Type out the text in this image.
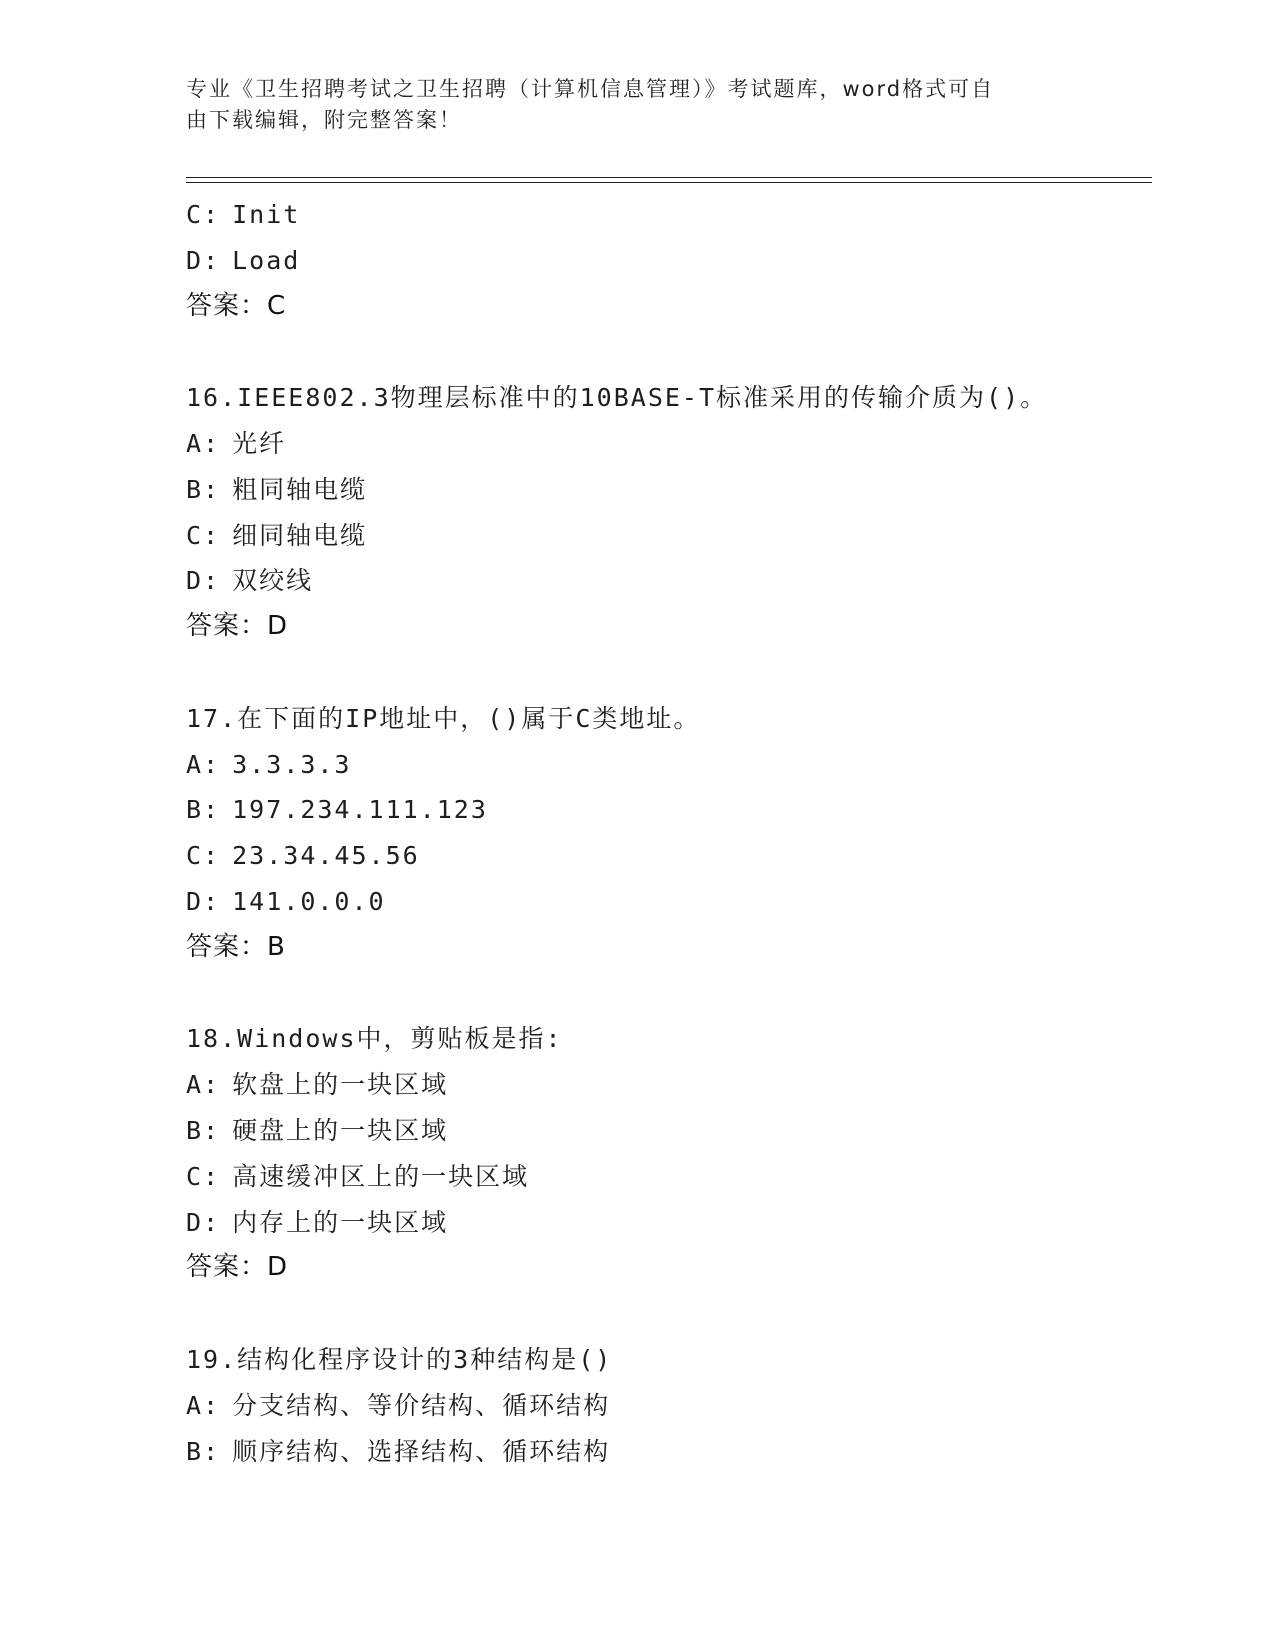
专业《卫生招聘考试之卫生招聘（计算机信息管理）》考试题库，word格式可自

由下载编辑，附完整答案！

C: Init
D: Load
答案：C
16.IEEE802.3物理层标准中的10BASE-T标准采用的传输介质为()。
A: 光纤
B: 粗同轴电缆
C: 细同轴电缆
D: 双绞线
答案：D
17.在下面的IP地址中，()属于C类地址。
A: 3.3.3.3
B: 197.234.111.123
C: 23.34.45.56
D: 141.0.0.0
答案：B
18.Windows中，剪贴板是指:
A: 软盘上的一块区域
B: 硬盘上的一块区域
C: 高速缓冲区上的一块区域
D: 内存上的一块区域
答案：D
19.结构化程序设计的3种结构是()
A: 分支结构、等价结构、循环结构
B: 顺序结构、选择结构、循环结构
